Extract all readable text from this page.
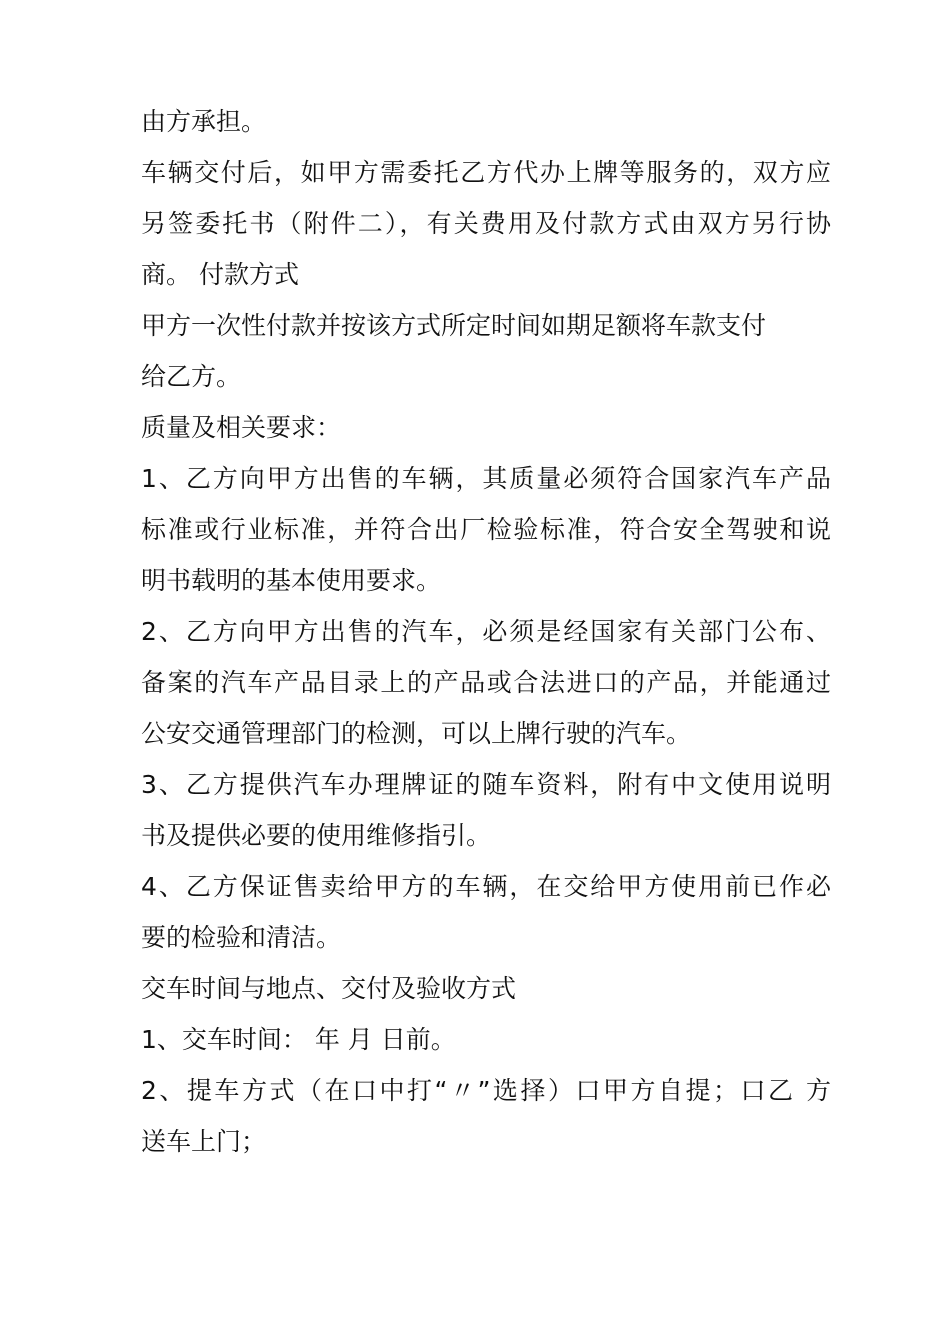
由方承担。
车辆交付后，如甲方需委托乙方代办上牌等服务的，双方应
另签委托书（附件二），有关费用及付款方式由双方另行协
商。 付款方式
甲方一次性付款并按该方式所定时间如期足额将车款支付
给乙方。
质量及相关要求：
1、乙方向甲方出售的车辆，其质量必须符合国家汽车产品
标准或行业标准，并符合出厂检验标准，符合安全驾驶和说
明书载明的基本使用要求。
2、乙方向甲方出售的汽车，必须是经国家有关部门公布、
备案的汽车产品目录上的产品或合法进口的产品，并能通过
公安交通管理部门的检测，可以上牌行驶的汽车。
3、乙方提供汽车办理牌证的随车资料，附有中文使用说明
书及提供必要的使用维修指引。
4、乙方保证售卖给甲方的车辆，在交给甲方使用前已作必
要的检验和清洁。
交车时间与地点、交付及验收方式
1、交车时间： 年 月 日前。
2、提车方式（在口中打“〃”选择）口甲方自提；口乙 方
送车上门；
